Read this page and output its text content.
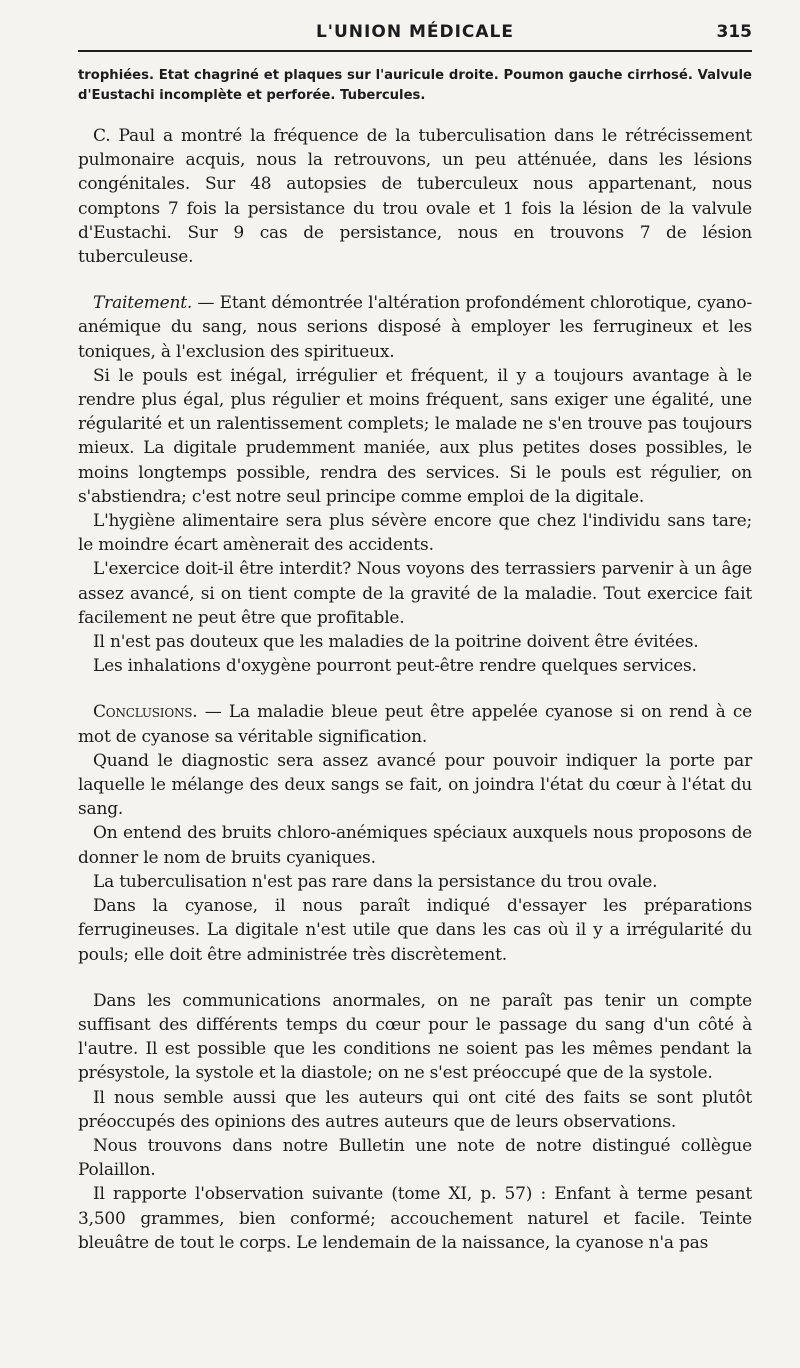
L'UNION MÉDICALE	315
trophiées. Etat chagriné et plaques sur l'auricule droite. Poumon gauche cirrhosé. Valvule d'Eustachi incomplète et perforée. Tubercules.

C. Paul a montré la fréquence de la tuberculisation dans le rétrécissement pulmonaire acquis, nous la retrouvons, un peu atténuée, dans les lésions congénitales. Sur 48 autopsies de tuberculeux nous appartenant, nous comptons 7 fois la persistance du trou ovale et 1 fois la lésion de la valvule d'Eustachi. Sur 9 cas de persistance, nous en trouvons 7 de lésion tuberculeuse.

Traitement. — Etant démontrée l'altération profondément chlorotique, cyano-anémique du sang, nous serions disposé à employer les ferrugineux et les toniques, à l'exclusion des spiritueux.

Si le pouls est inégal, irrégulier et fréquent, il y a toujours avantage à le rendre plus égal, plus régulier et moins fréquent, sans exiger une égalité, une régularité et un ralentissement complets; le malade ne s'en trouve pas toujours mieux. La digitale prudemment maniée, aux plus petites doses possibles, le moins longtemps possible, rendra des services. Si le pouls est régulier, on s'abstiendra; c'est notre seul principe comme emploi de la digitale.

L'hygiène alimentaire sera plus sévère encore que chez l'individu sans tare; le moindre écart amènerait des accidents.

L'exercice doit-il être interdit? Nous voyons des terrassiers parvenir à un âge assez avancé, si on tient compte de la gravité de la maladie. Tout exercice fait facilement ne peut être que profitable.

Il n'est pas douteux que les maladies de la poitrine doivent être évitées.

Les inhalations d'oxygène pourront peut-être rendre quelques services.

Conclusions. — La maladie bleue peut être appelée cyanose si on rend à ce mot de cyanose sa véritable signification.

Quand le diagnostic sera assez avancé pour pouvoir indiquer la porte par laquelle le mélange des deux sangs se fait, on joindra l'état du cœur à l'état du sang.

On entend des bruits chloro-anémiques spéciaux auxquels nous proposons de donner le nom de bruits cyaniques.

La tuberculisation n'est pas rare dans la persistance du trou ovale.

Dans la cyanose, il nous paraît indiqué d'essayer les préparations ferrugineuses. La digitale n'est utile que dans les cas où il y a irrégularité du pouls; elle doit être administrée très discrètement.

Dans les communications anormales, on ne paraît pas tenir un compte suffisant des différents temps du cœur pour le passage du sang d'un côté à l'autre. Il est possible que les conditions ne soient pas les mêmes pendant la présystole, la systole et la diastole; on ne s'est préoccupé que de la systole.

Il nous semble aussi que les auteurs qui ont cité des faits se sont plutôt préoccupés des opinions des autres auteurs que de leurs observations.

Nous trouvons dans notre Bulletin une note de notre distingué collègue Polaillon.

Il rapporte l'observation suivante (tome XI, p. 57) : Enfant à terme pesant 3,500 grammes, bien conformé; accouchement naturel et facile. Teinte bleuâtre de tout le corps. Le lendemain de la naissance, la cyanose n'a pas
